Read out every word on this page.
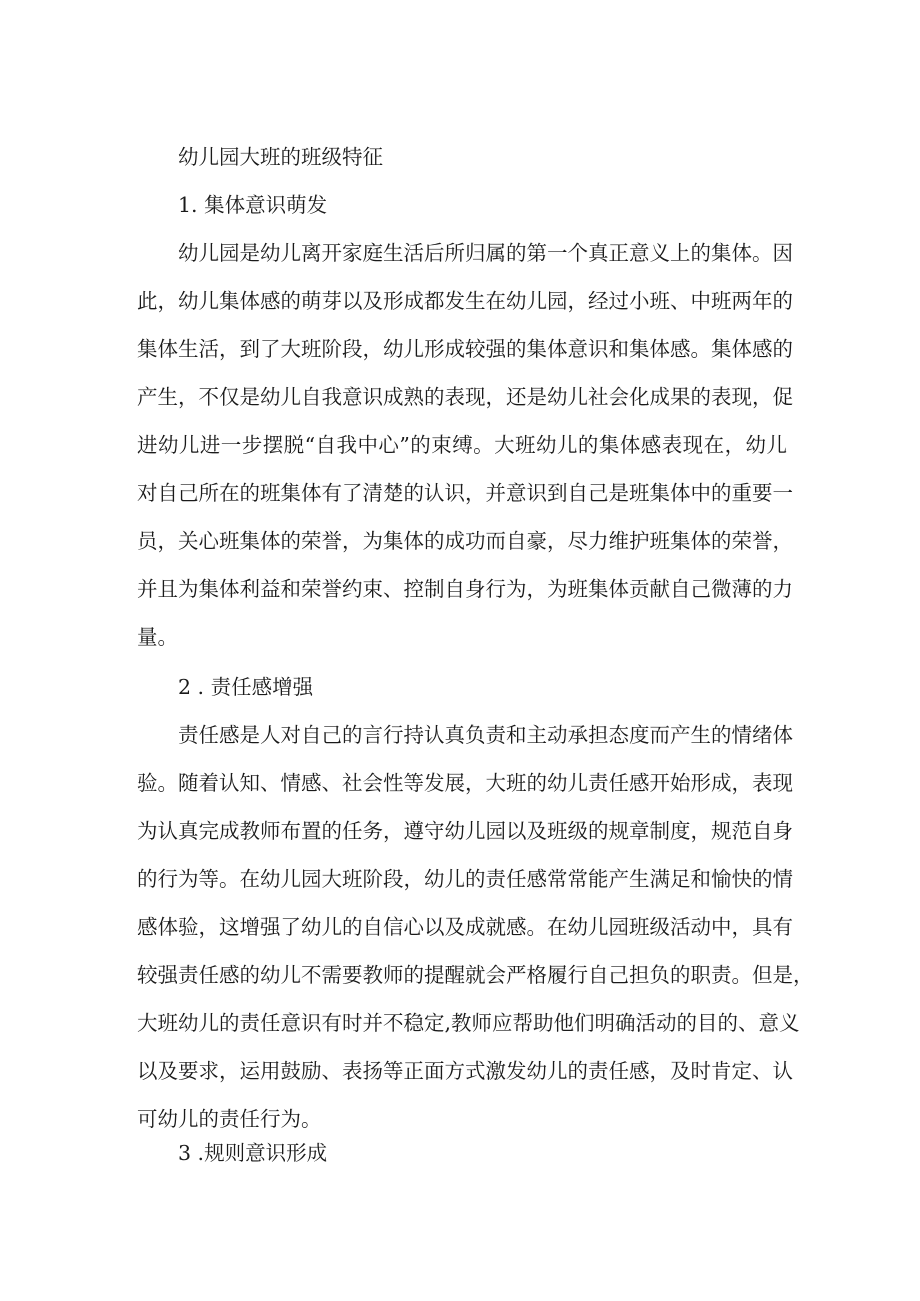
幼儿园大班的班级特征

1. 集体意识萌发

幼儿园是幼儿离开家庭生活后所归属的第一个真正意义上的集体。因

此，幼儿集体感的萌芽以及形成都发生在幼儿园，经过小班、中班两年的

集体生活，到了大班阶段，幼儿形成较强的集体意识和集体感。集体感的

产生，不仅是幼儿自我意识成熟的表现，还是幼儿社会化成果的表现，促

进幼儿进一步摆脱“自我中心”的束缚。大班幼儿的集体感表现在，幼儿

对自己所在的班集体有了清楚的认识，并意识到自己是班集体中的重要一

员，关心班集体的荣誉，为集体的成功而自豪，尽力维护班集体的荣誉，

并且为集体利益和荣誉约束、控制自身行为，为班集体贡献自己微薄的力

量。

2 . 责任感增强

责任感是人对自己的言行持认真负责和主动承担态度而产生的情绪体

验。随着认知、情感、社会性等发展，大班的幼儿责任感开始形成，表现

为认真完成教师布置的任务，遵守幼儿园以及班级的规章制度，规范自身

的行为等。在幼儿园大班阶段，幼儿的责任感常常能产生满足和愉快的情

感体验，这增强了幼儿的自信心以及成就感。在幼儿园班级活动中，具有

较强责任感的幼儿不需要教师的提醒就会严格履行自己担负的职责。但是，

大班幼儿的责任意识有时并不稳定,教师应帮助他们明确活动的目的、意义

以及要求，运用鼓励、表扬等正面方式激发幼儿的责任感，及时肯定、认

可幼儿的责任行为。

3 .规则意识形成
